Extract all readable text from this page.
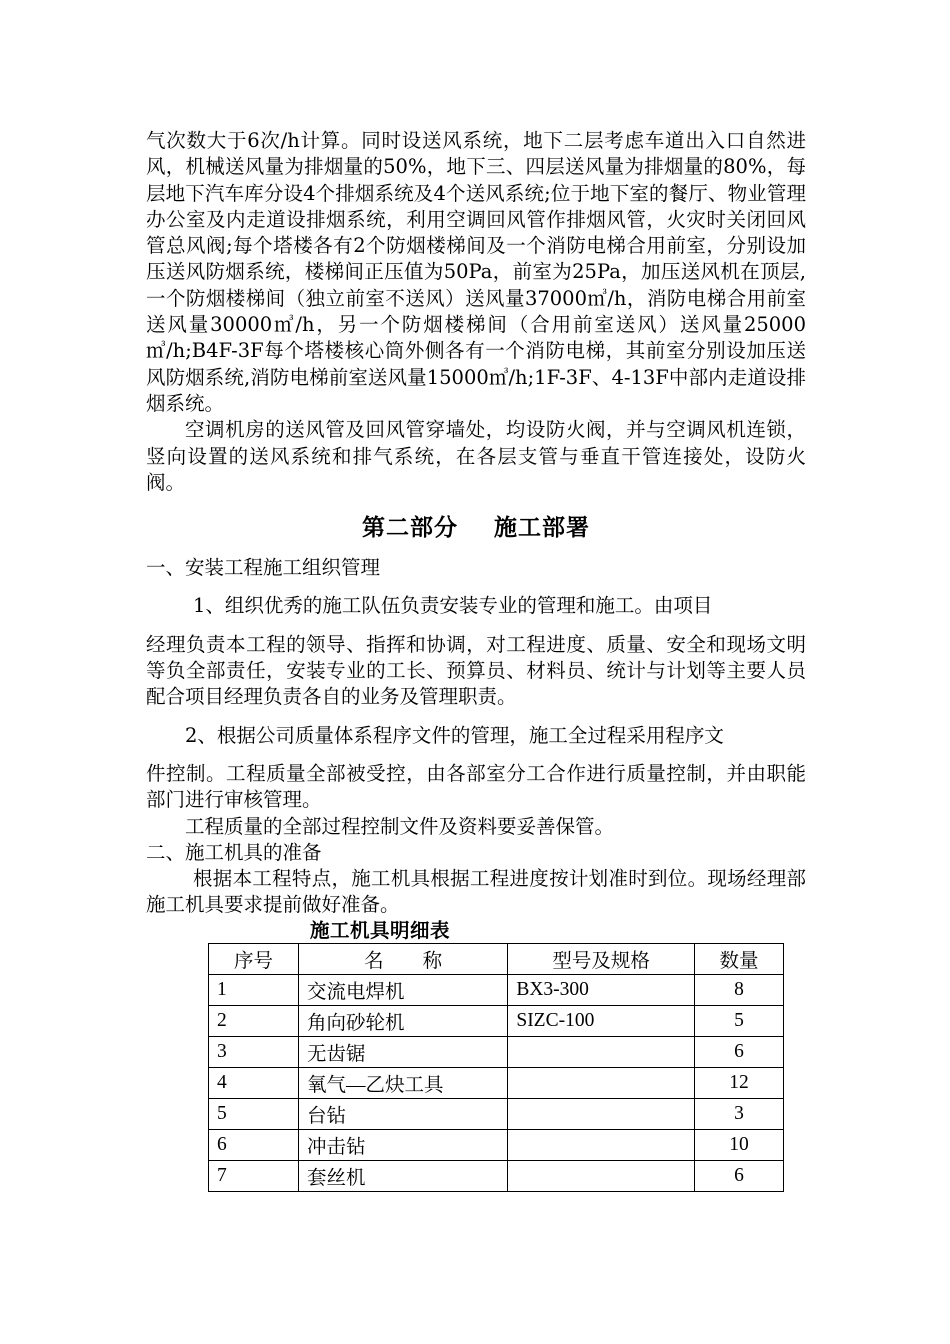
气次数大于6次/h计算。同时设送风系统，地下二层考虑车道出入口自然进风，机械送风量为排烟量的50%，地下三、四层送风量为排烟量的80%，每层地下汽车库分设4个排烟系统及4个送风系统;位于地下室的餐厅、物业管理办公室及内走道设排烟系统，利用空调回风管作排烟风管，火灾时关闭回风管总风阀;每个塔楼各有2个防烟楼梯间及一个消防电梯合用前室，分别设加压送风防烟系统，楼梯间正压值为50Pa，前室为25Pa，加压送风机在顶层,一个防烟楼梯间（独立前室不送风）送风量37000㎥/h，消防电梯合用前室送风量30000㎥/h，另一个防烟楼梯间（合用前室送风）送风量25000㎥/h;B4F-3F每个塔楼核心筒外侧各有一个消防电梯，其前室分别设加压送风防烟系统,消防电梯前室送风量15000㎥/h;1F-3F、4-13F中部内走道设排烟系统。

空调机房的送风管及回风管穿墙处，均设防火阀，并与空调风机连锁，竖向设置的送风系统和排气系统，在各层支管与垂直干管连接处，设防火阀。

第二部分    施工部署

一、安装工程施工组织管理

1、组织优秀的施工队伍负责安装专业的管理和施工。由项目

经理负责本工程的领导、指挥和协调，对工程进度、质量、安全和现场文明等负全部责任，安装专业的工长、预算员、材料员、统计与计划等主要人员配合项目经理负责各自的业务及管理职责。

2、根据公司质量体系程序文件的管理，施工全过程采用程序文

件控制。工程质量全部被受控，由各部室分工合作进行质量控制，并由职能部门进行审核管理。

工程质量的全部过程控制文件及资料要妥善保管。

二、施工机具的准备

根据本工程特点，施工机具根据工程进度按计划准时到位。现场经理部施工机具要求提前做好准备。

施工机具明细表
序号	名　　称	型号及规格	数量
1	交流电焊机	BX3-300	8
2	角向砂轮机	SIZC-100	5
3	无齿锯		6
4	氧气—乙炔工具		12
5	台钻		3
6	冲击钻		10
7	套丝机		6
